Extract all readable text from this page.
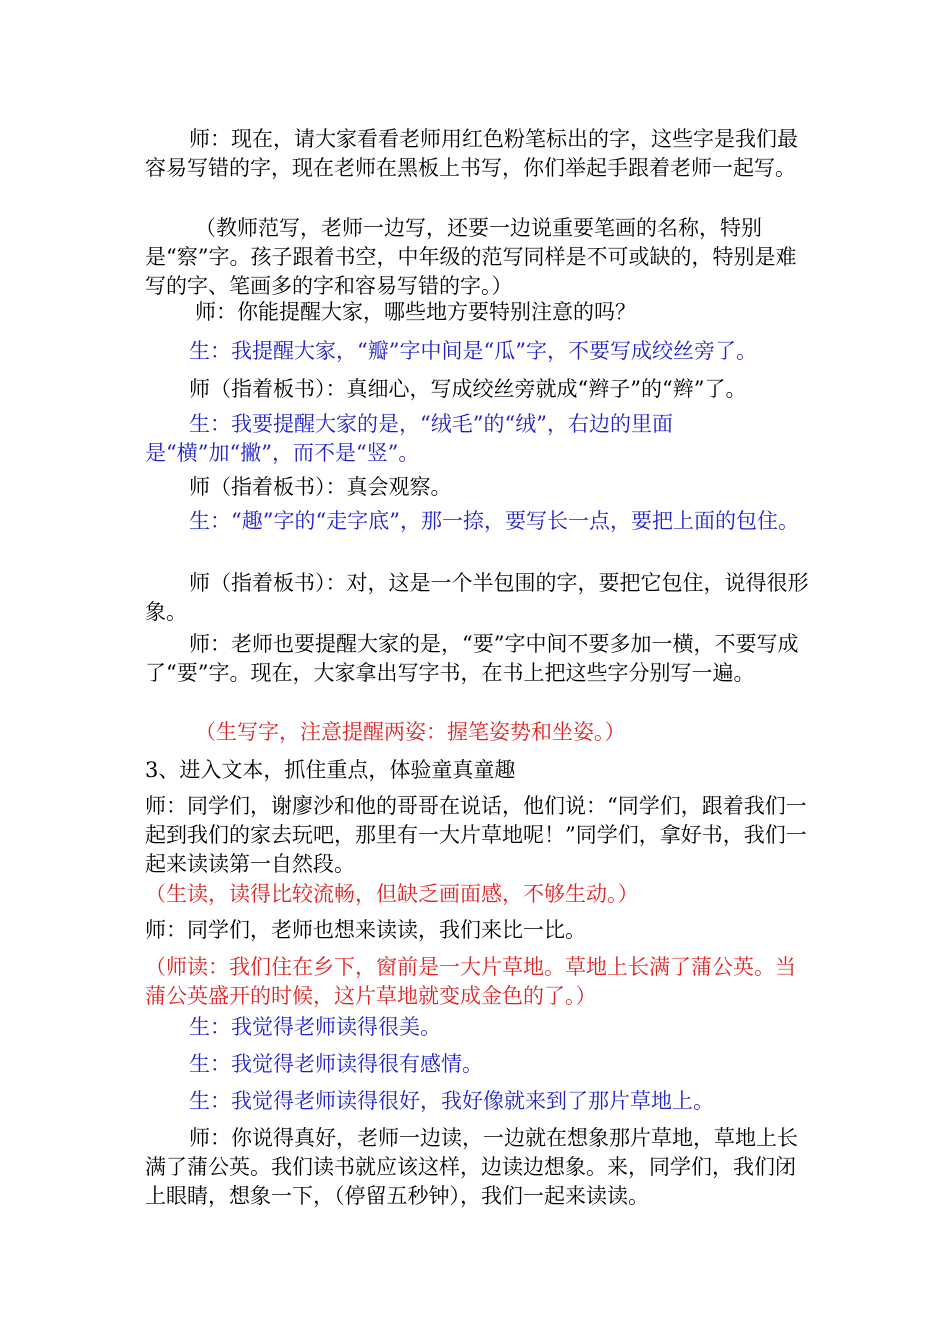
师：现在，请大家看看老师用红色粉笔标出的字，这些字是我们最容易写错的字，现在老师在黑板上书写，你们举起手跟着老师一起写。

（教师范写，老师一边写，还要一边说重要笔画的名称，特别是“察”字。孩子跟着书空，中年级的范写同样是不可或缺的，特别是难写的字、笔画多的字和容易写错的字。）

师：你能提醒大家，哪些地方要特别注意的吗？

生：我提醒大家，“瓣”字中间是“瓜”字，不要写成绞丝旁了。

师（指着板书）：真细心，写成绞丝旁就成“辫子”的“辫”了。

生：我要提醒大家的是，“绒毛”的“绒”，右边的里面是“横”加“撇”，而不是“竖”。

师（指着板书）：真会观察。

生：“趣”字的“走字底”，那一捺，要写长一点，要把上面的包住。

师（指着板书）：对，这是一个半包围的字，要把它包住，说得很形象。

师：老师也要提醒大家的是，“要”字中间不要多加一横，不要写成了“要”字。现在，大家拿出写字书，在书上把这些字分别写一遍。

（生写字，注意提醒两姿：握笔姿势和坐姿。）

3、进入文本，抓住重点，体验童真童趣

师：同学们，谢廖沙和他的哥哥在说话，他们说：“同学们，跟着我们一起到我们的家去玩吧，那里有一大片草地呢！”同学们，拿好书，我们一起来读读第一自然段。

（生读，读得比较流畅，但缺乏画面感，不够生动。）

师：同学们，老师也想来读读，我们来比一比。

（师读：我们住在乡下，窗前是一大片草地。草地上长满了蒲公英。当蒲公英盛开的时候，这片草地就变成金色的了。）

生：我觉得老师读得很美。

生：我觉得老师读得很有感情。

生：我觉得老师读得很好，我好像就来到了那片草地上。

师：你说得真好，老师一边读，一边就在想象那片草地，草地上长满了蒲公英。我们读书就应该这样，边读边想象。来，同学们，我们闭上眼睛，想象一下，（停留五秒钟），我们一起来读读。
